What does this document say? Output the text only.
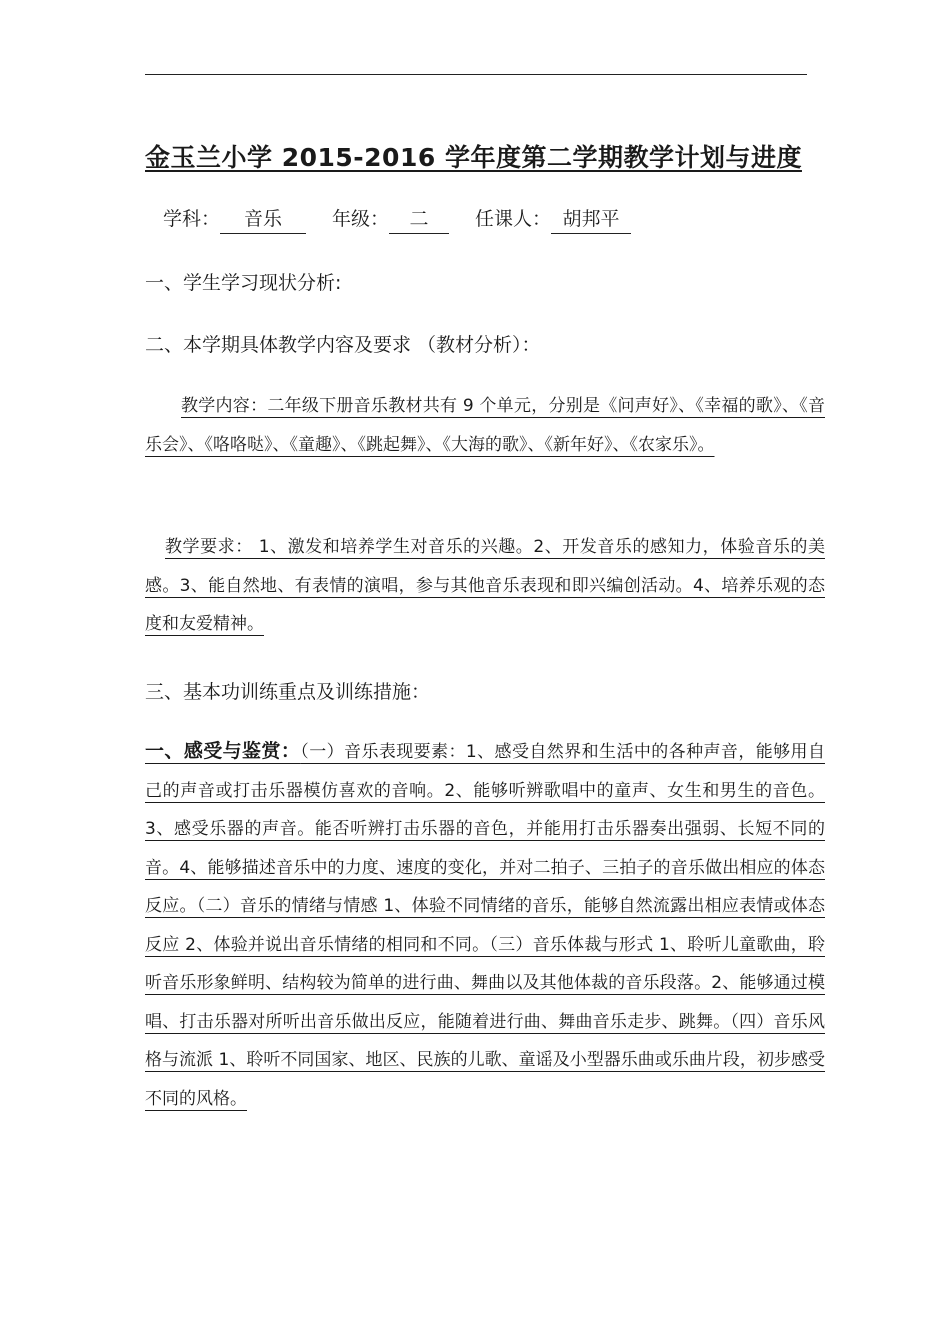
金玉兰小学 2015-2016 学年度第二学期教学计划与进度
学科： 音乐	年级： 二 任课人： 胡邦平
一、学生学习现状分析:
二、本学期具体教学内容及要求 （教材分析）：
教学内容：二年级下册音乐教材共有 9 个单元，分别是《问声好》、《幸福的歌》、《音乐会》、《咯咯哒》、《童趣》、《跳起舞》、《大海的歌》、《新年好》、《农家乐》。
教学要求： 1、激发和培养学生对音乐的兴趣。2、开发音乐的感知力，体验音乐的美感。3、能自然地、有表情的演唱，参与其他音乐表现和即兴编创活动。4、培养乐观的态度和友爱精神。
三、基本功训练重点及训练措施：
一、感受与鉴赏：（一）音乐表现要素：1、感受自然界和生活中的各种声音，能够用自己的声音或打击乐器模仿喜欢的音响。2、能够听辨歌唱中的童声、女生和男生的音色。3、感受乐器的声音。能否听辨打击乐器的音色，并能用打击乐器奏出强弱、长短不同的音。4、能够描述音乐中的力度、速度的变化，并对二拍子、三拍子的音乐做出相应的体态反应。（二）音乐的情绪与情感 1、体验不同情绪的音乐，能够自然流露出相应表情或体态反应 2、体验并说出音乐情绪的相同和不同。（三）音乐体裁与形式 1、聆听儿童歌曲，聆听音乐形象鲜明、结构较为简单的进行曲、舞曲以及其他体裁的音乐段落。2、能够通过模唱、打击乐器对所听出音乐做出反应，能随着进行曲、舞曲音乐走步、跳舞。（四）音乐风格与流派 1、聆听不同国家、地区、民族的儿歌、童谣及小型器乐曲或乐曲片段，初步感受不同的风格。
